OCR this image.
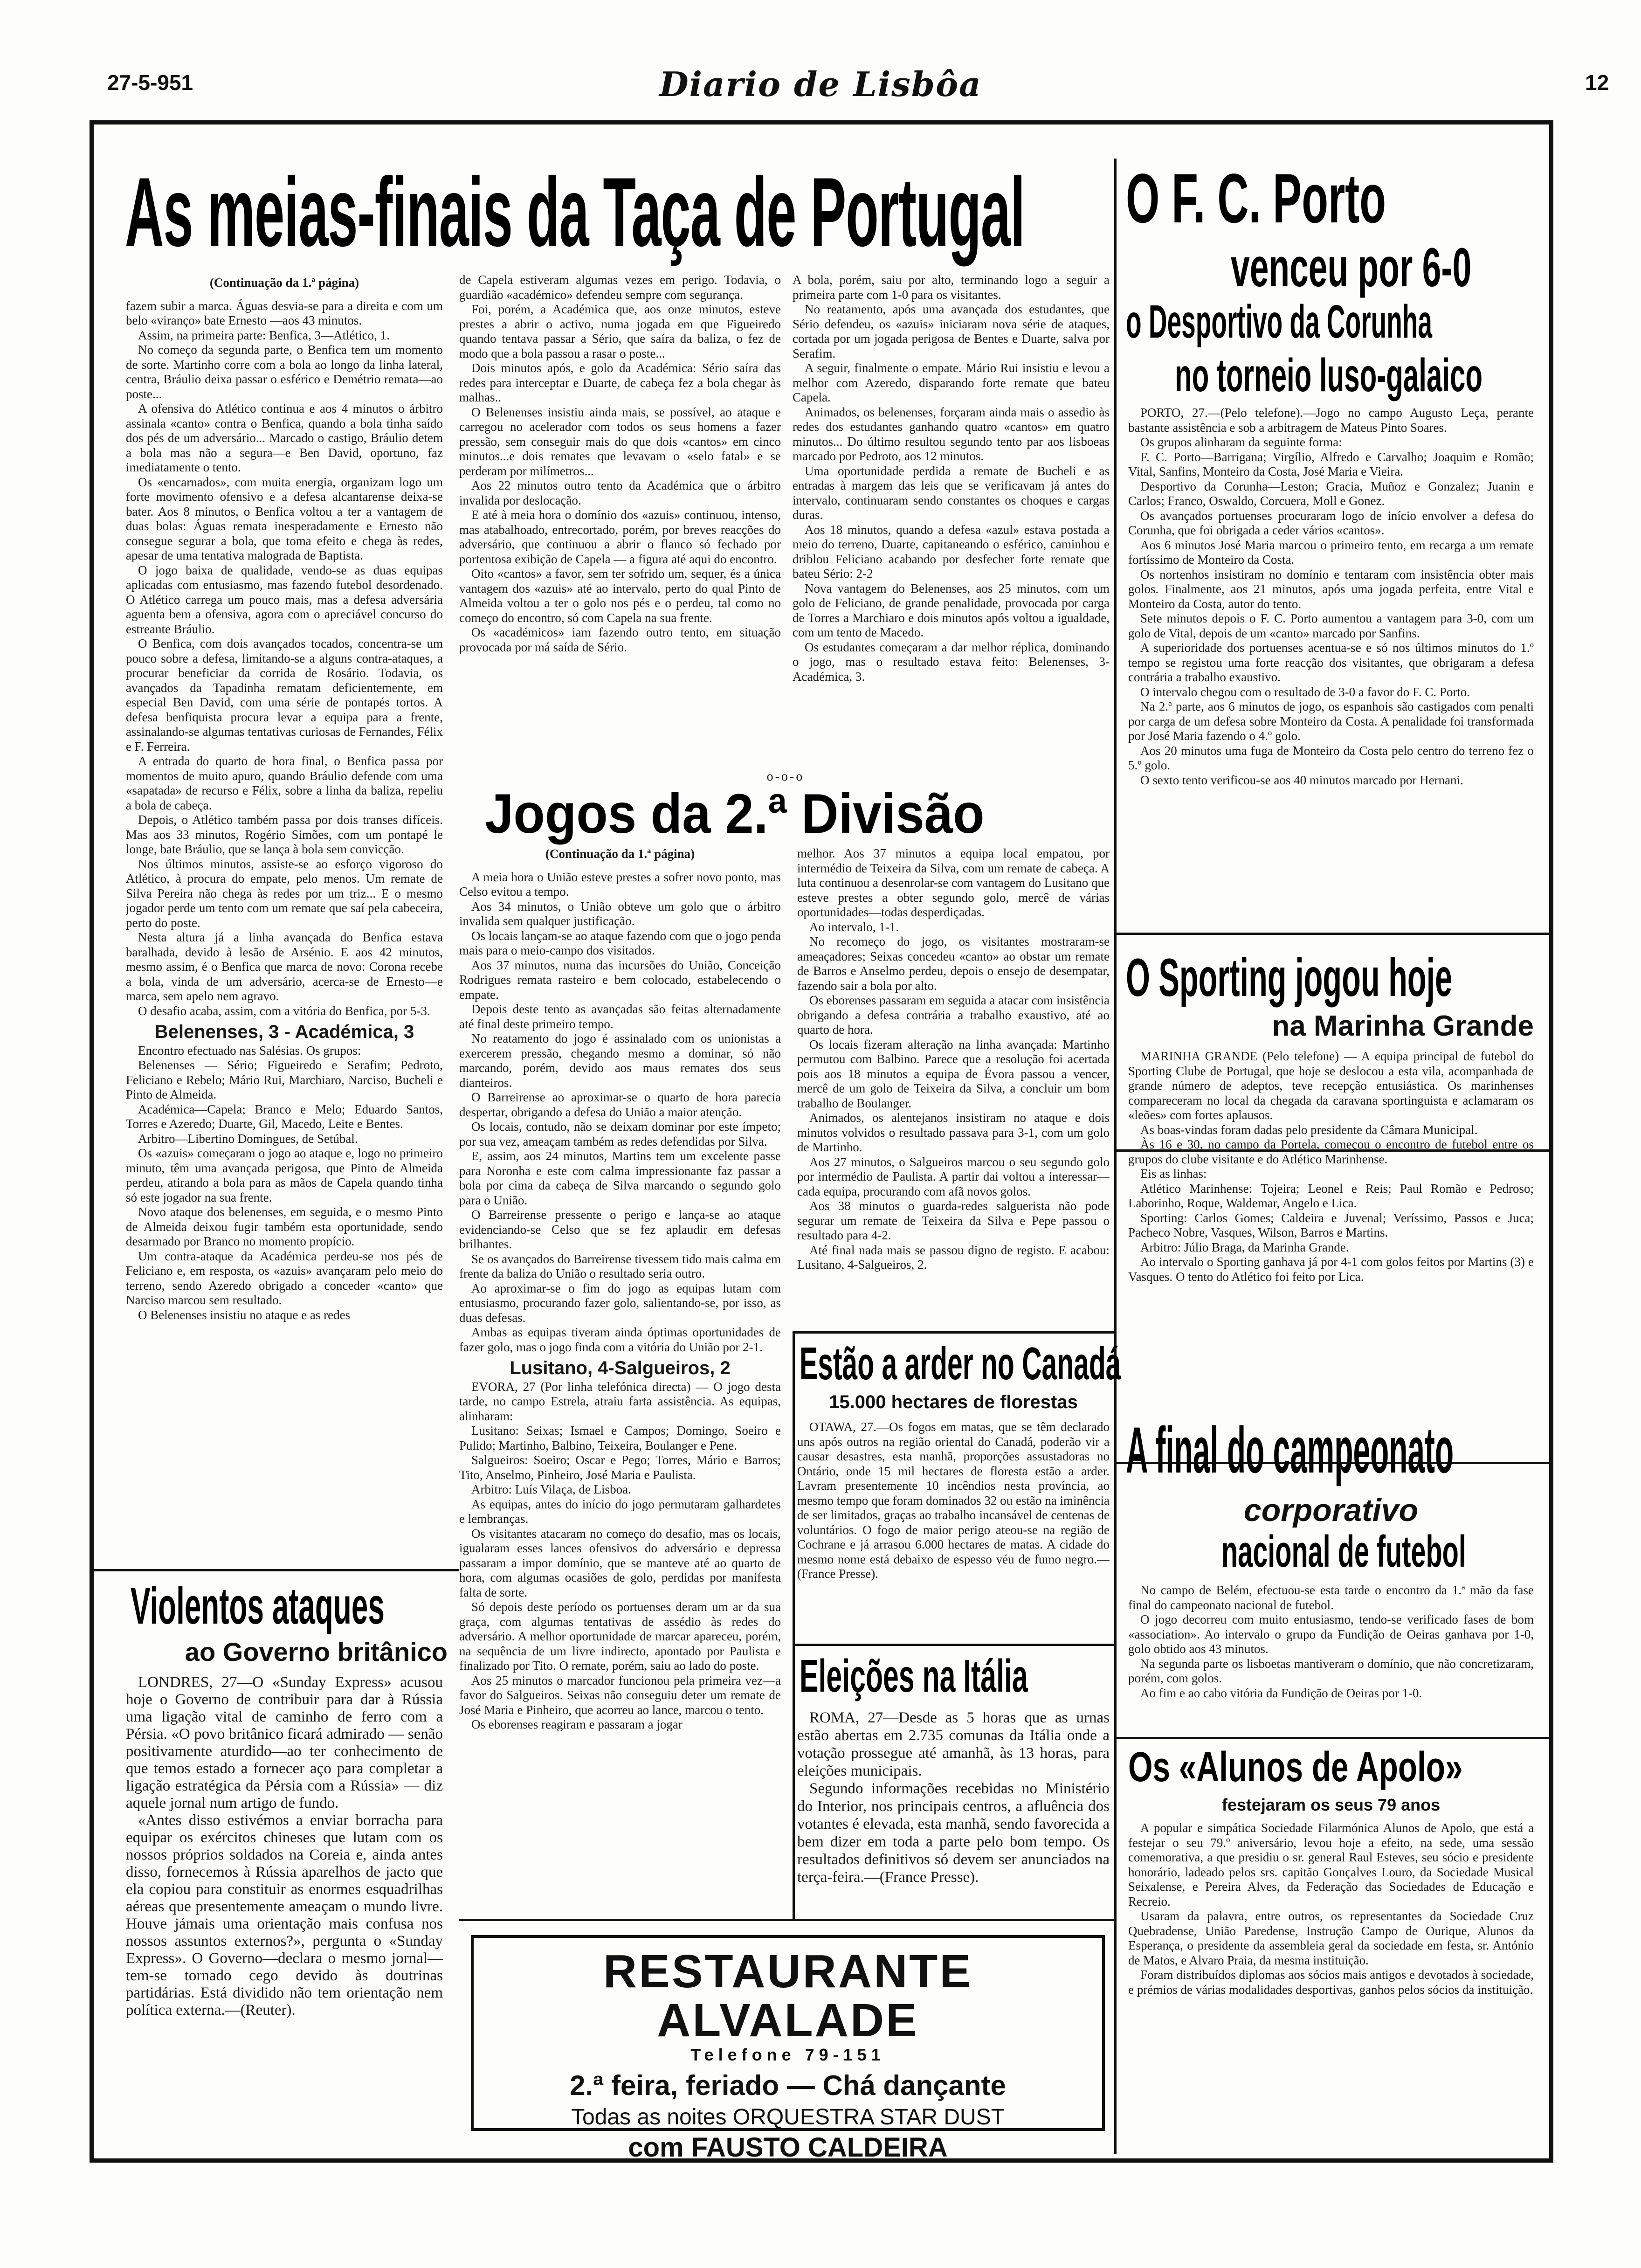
27-5-951	Diario de Lisbôa	12
As meias-finais da Taça de Portugal
(Continuação da 1.ª página)

fazem subir a marca. Águas desvia-se para a direita e com um belo «viranço» bate Ernesto —aos 43 minutos.

Assim, na primeira parte: Benfica, 3—Atlético, 1.

No começo da segunda parte, o Benfica tem um momento de sorte. Martinho corre com a bola ao longo da linha lateral, centra, Bráulio deixa passar o esférico e Demétrio remata—ao poste...

A ofensiva do Atlético continua e aos 4 minutos o árbitro assinala «canto» contra o Benfica, quando a bola tinha saído dos pés de um adversário... Marcado o castigo, Bráulio detem a bola mas não a segura—e Ben David, oportuno, faz imediatamente o tento.

Os «encarnados», com muita energia, organizam logo um forte movimento ofensivo e a defesa alcantarense deixa-se bater. Aos 8 minutos, o Benfica voltou a ter a vantagem de duas bolas: Águas remata inesperadamente e Ernesto não consegue segurar a bola, que toma efeito e chega às redes, apesar de uma tentativa malograda de Baptista.

O jogo baixa de qualidade, vendo-se as duas equipas aplicadas com entusiasmo, mas fazendo futebol desordenado. O Atlético carrega um pouco mais, mas a defesa adversária aguenta bem a ofensiva, agora com o apreciável concurso do estreante Bráulio.

O Benfica, com dois avançados tocados, concentra-se um pouco sobre a defesa, limitando-se a alguns contra-ataques, a procurar beneficiar da corrida de Rosário. Todavia, os avançados da Tapadinha rematam deficientemente, em especial Ben David, com uma série de pontapés tortos. A defesa benfiquista procura levar a equipa para a frente, assinalando-se algumas tentativas curiosas de Fernandes, Félix e F. Ferreira.

A entrada do quarto de hora final, o Benfica passa por momentos de muito apuro, quando Bráulio defende com uma «sapatada» de recurso e Félix, sobre a linha da baliza, repeliu a bola de cabeça.

Depois, o Atlético também passa por dois transes difíceis. Mas aos 33 minutos, Rogério Simões, com um pontapé le longe, bate Bráulio, que se lança à bola sem convicção.

Nos últimos minutos, assiste-se ao esforço vigoroso do Atlético, à procura do empate, pelo menos. Um remate de Silva Pereira não chega às redes por um triz... E o mesmo jogador perde um tento com um remate que saí pela cabeceira, perto do poste.

Nesta altura já a linha avançada do Benfica estava baralhada, devido à lesão de Arsénio. E aos 42 minutos, mesmo assim, é o Benfica que marca de novo: Corona recebe a bola, vinda de um adversário, acerca-se de Ernesto—e marca, sem apelo nem agravo.

O desafio acaba, assim, com a vitória do Benfica, por 5-3.

Belenenses, 3 - Académica, 3

Encontro efectuado nas Salésias. Os grupos:

Belenenses — Sério; Figueiredo e Serafim; Pedroto, Feliciano e Rebelo; Mário Rui, Marchiaro, Narciso, Bucheli e Pinto de Almeida.

Académica—Capela; Branco e Melo; Eduardo Santos, Torres e Azeredo; Duarte, Gil, Macedo, Leite e Bentes.

Arbitro—Libertino Domingues, de Setúbal.

Os «azuis» começaram o jogo ao ataque e, logo no primeiro minuto, têm uma avançada perigosa, que Pinto de Almeida perdeu, atirando a bola para as mãos de Capela quando tinha só este jogador na sua frente.

Novo ataque dos belenenses, em seguida, e o mesmo Pinto de Almeida deixou fugir também esta oportunidade, sendo desarmado por Branco no momento propício.

Um contra-ataque da Académica perdeu-se nos pés de Feliciano e, em resposta, os «azuis» avançaram pelo meio do terreno, sendo Azeredo obrigado a conceder «canto» que Narciso marcou sem resultado.

O Belenenses insistiu no ataque e as redes

de Capela estiveram algumas vezes em perigo. Todavia, o guardião «académico» defendeu sempre com segurança.

Foi, porém, a Académica que, aos onze minutos, esteve prestes a abrir o activo, numa jogada em que Figueiredo quando tentava passar a Sério, que saíra da baliza, o fez de modo que a bola passou a rasar o poste...

Dois minutos após, e golo da Académica: Sério saíra das redes para interceptar e Duarte, de cabeça fez a bola chegar às malhas..

O Belenenses insistiu ainda mais, se possível, ao ataque e carregou no acelerador com todos os seus homens a fazer pressão, sem conseguir mais do que dois «cantos» em cinco minutos...e dois remates que levavam o «selo fatal» e se perderam por milímetros...

Aos 22 minutos outro tento da Académica que o árbitro invalida por deslocação.

E até à meia hora o domínio dos «azuis» continuou, intenso, mas atabalhoado, entrecortado, porém, por breves reacções do adversário, que continuou a abrir o flanco só fechado por portentosa exibição de Capela — a figura até aqui do encontro.

Oito «cantos» a favor, sem ter sofrido um, sequer, és a única vantagem dos «azuis» até ao intervalo, perto do qual Pinto de Almeida voltou a ter o golo nos pés e o perdeu, tal como no começo do encontro, só com Capela na sua frente.

Os «académicos» iam fazendo outro tento, em situação provocada por má saída de Sério.

A bola, porém, saiu por alto, terminando logo a seguir a primeira parte com 1-0 para os visitantes.

No reatamento, após uma avançada dos estudantes, que Sério defendeu, os «azuis» iniciaram nova série de ataques, cortada por um jogada perigosa de Bentes e Duarte, salva por Serafim.

A seguir, finalmente o empate. Mário Rui insistiu e levou a melhor com Azeredo, disparando forte remate que bateu Capela.

Animados, os belenenses, forçaram ainda mais o assedio às redes dos estudantes ganhando quatro «cantos» em quatro minutos... Do último resultou segundo tento par aos lisboeas marcado por Pedroto, aos 12 minutos.

Uma oportunidade perdida a remate de Bucheli e as entradas à margem das leis que se verificavam já antes do intervalo, continuaram sendo constantes os choques e cargas duras.

Aos 18 minutos, quando a defesa «azul» estava postada a meio do terreno, Duarte, capitaneando o esférico, caminhou e driblou Feliciano acabando por desfecher forte remate que bateu Sério: 2-2

Nova vantagem do Belenenses, aos 25 minutos, com um golo de Feliciano, de grande penalidade, provocada por carga de Torres a Marchiaro e dois minutos após voltou a igualdade, com um tento de Macedo.

Os estudantes começaram a dar melhor réplica, dominando o jogo, mas o resultado estava feito: Belenenses, 3-Académica, 3.

o-o-o
Jogos da 2.ª Divisão
(Continuação da 1.ª página)

A meia hora o União esteve prestes a sofrer novo ponto, mas Celso evitou a tempo.

Aos 34 minutos, o União obteve um golo que o árbitro invalida sem qualquer justificação.

Os locais lançam-se ao ataque fazendo com que o jogo penda mais para o meio-campo dos visitados.

Aos 37 minutos, numa das incursões do União, Conceição Rodrigues remata rasteiro e bem colocado, estabelecendo o empate.

Depois deste tento as avançadas são feitas alternadamente até final deste primeiro tempo.

No reatamento do jogo é assinalado com os unionistas a exercerem pressão, chegando mesmo a dominar, só não marcando, porém, devido aos maus remates dos seus dianteiros.

O Barreirense ao aproximar-se o quarto de hora parecia despertar, obrigando a defesa do União a maior atenção.

Os locais, contudo, não se deixam dominar por este ímpeto; por sua vez, ameaçam também as redes defendidas por Silva.

E, assim, aos 24 minutos, Martins tem um excelente passe para Noronha e este com calma impressionante faz passar a bola por cima da cabeça de Silva marcando o segundo golo para o União.

O Barreirense pressente o perigo e lança-se ao ataque evidenciando-se Celso que se fez aplaudir em defesas brilhantes.

Se os avançados do Barreirense tivessem tido mais calma em frente da baliza do União o resultado seria outro.

Ao aproximar-se o fim do jogo as equipas lutam com entusiasmo, procurando fazer golo, salientando-se, por isso, as duas defesas.

Ambas as equipas tiveram ainda óptimas oportunidades de fazer golo, mas o jogo finda com a vitória do União por 2-1.

Lusitano, 4-Salgueiros, 2

EVORA, 27 (Por linha telefónica directa) — O jogo desta tarde, no campo Estrela, atraiu farta assistência. As equipas, alinharam:

Lusitano: Seixas; Ismael e Campos; Domingo, Soeiro e Pulido; Martinho, Balbino, Teixeira, Boulanger e Pene.

Salgueiros: Soeiro; Oscar e Pego; Torres, Mário e Barros; Tito, Anselmo, Pinheiro, José Maria e Paulista.

Arbitro: Luís Vilaça, de Lisboa.

As equipas, antes do início do jogo permutaram galhardetes e lembranças.

Os visitantes atacaram no começo do desafio, mas os locais, igualaram esses lances ofensivos do adversário e depressa passaram a impor domínio, que se manteve até ao quarto de hora, com algumas ocasiões de golo, perdidas por manifesta falta de sorte.

Só depois deste período os portuenses deram um ar da sua graça, com algumas tentativas de assédio às redes do adversário. A melhor oportunidade de marcar apareceu, porém, na sequência de um livre indirecto, apontado por Paulista e finalizado por Tito. O remate, porém, saiu ao lado do poste.

Aos 25 minutos o marcador funcionou pela primeira vez—a favor do Salgueiros. Seixas não conseguiu deter um remate de José Maria e Pinheiro, que acorreu ao lance, marcou o tento.

Os eborenses reagiram e passaram a jogar

melhor. Aos 37 minutos a equipa local empatou, por intermédio de Teixeira da Silva, com um remate de cabeça. A luta continuou a desenrolar-se com vantagem do Lusitano que esteve prestes a obter segundo golo, mercê de várias oportunidades—todas desperdiçadas.

Ao intervalo, 1-1.

No recomeço do jogo, os visitantes mostraram-se ameaçadores; Seixas concedeu «canto» ao obstar um remate de Barros e Anselmo perdeu, depois o ensejo de desempatar, fazendo sair a bola por alto.

Os eborenses passaram em seguida a atacar com insistência obrigando a defesa contrária a trabalho exaustivo, até ao quarto de hora.

Os locais fizeram alteração na linha avançada: Martinho permutou com Balbino. Parece que a resolução foi acertada pois aos 18 minutos a equipa de Évora passou a vencer, mercê de um golo de Teixeira da Silva, a concluir um bom trabalho de Boulanger.

Animados, os alentejanos insistiram no ataque e dois minutos volvidos o resultado passava para 3-1, com um golo de Martinho.

Aos 27 minutos, o Salgueiros marcou o seu segundo golo por intermédio de Paulista. A partir dai voltou a interessar—cada equipa, procurando com afã novos golos.

Aos 38 minutos o guarda-redes salguerista não pode segurar um remate de Teixeira da Silva e Pepe passou o resultado para 4-2.

Até final nada mais se passou digno de registo. E acabou: Lusitano, 4-Salgueiros, 2.

Estão a arder no Canadá
15.000 hectares de florestas

OTAWA, 27.—Os fogos em matas, que se têm declarado uns após outros na região oriental do Canadá, poderão vir a causar desastres, esta manhã, proporções assustadoras no Ontário, onde 15 mil hectares de floresta estão a arder. Lavram presentemente 10 incêndios nesta província, ao mesmo tempo que foram dominados 32 ou estão na iminência de ser limitados, graças ao trabalho incansável de centenas de voluntários. O fogo de maior perigo ateou-se na região de Cochrane e já arrasou 6.000 hectares de matas. A cidade do mesmo nome está debaixo de espesso véu de fumo negro.—(France Presse).

Eleições na Itália

ROMA, 27—Desde as 5 horas que as urnas estão abertas em 2.735 comunas da Itália onde a votação prossegue até amanhã, às 13 horas, para eleições municipais.

Segundo informações recebidas no Ministério do Interior, nos principais centros, a afluência dos votantes é elevada, esta manhã, sendo favorecida a bem dizer em toda a parte pelo bom tempo. Os resultados definitivos só devem ser anunciados na terça-feira.—(France Presse).

Violentos ataques
ao Governo britânico

LONDRES, 27—O «Sunday Express» acusou hoje o Governo de contribuir para dar à Rússia uma ligação vital de caminho de ferro com a Pérsia. «O povo britânico ficará admirado — senão positivamente aturdido—ao ter conhecimento de que temos estado a fornecer aço para completar a ligação estratégica da Pérsia com a Rússia» — diz aquele jornal num artigo de fundo.

«Antes disso estivémos a enviar borracha para equipar os exércitos chineses que lutam com os nossos próprios soldados na Coreia e, ainda antes disso, fornecemos à Rússia aparelhos de jacto que ela copiou para constituir as enormes esquadrilhas aéreas que presentemente ameaçam o mundo livre. Houve jámais uma orientação mais confusa nos nossos assuntos externos?», pergunta o «Sunday Express». O Governo—declara o mesmo jornal—tem-se tornado cego devido às doutrinas partidárias. Está dividido não tem orientação nem política externa.—(Reuter).

RESTAURANTE ALVALADE
Telefone 79-151
2.ª feira, feriado — Chá dançante
Todas as noites ORQUESTRA STAR DUST
com FAUSTO CALDEIRA
O F. C. Porto
venceu por 6-0
o Desportivo da Corunha
no torneio luso-galaico

PORTO, 27.—(Pelo telefone).—Jogo no campo Augusto Leça, perante bastante assistência e sob a arbitragem de Mateus Pinto Soares.

Os grupos alinharam da seguinte forma:

F. C. Porto—Barrigana; Virgílio, Alfredo e Carvalho; Joaquim e Romão; Vital, Sanfins, Monteiro da Costa, José Maria e Vieira.

Desportivo da Corunha—Leston; Gracia, Muñoz e Gonzalez; Juanin e Carlos; Franco, Oswaldo, Corcuera, Moll e Gonez.

Os avançados portuenses procuraram logo de início envolver a defesa do Corunha, que foi obrigada a ceder vários «cantos».

Aos 6 minutos José Maria marcou o primeiro tento, em recarga a um remate fortíssimo de Monteiro da Costa.

Os nortenhos insistiram no domínio e tentaram com insistência obter mais golos. Finalmente, aos 21 minutos, após uma jogada perfeita, entre Vital e Monteiro da Costa, autor do tento.

Sete minutos depois o F. C. Porto aumentou a vantagem para 3-0, com um golo de Vital, depois de um «canto» marcado por Sanfins.

A superioridade dos portuenses acentua-se e só nos últimos minutos do 1.º tempo se registou uma forte reacção dos visitantes, que obrigaram a defesa contrária a trabalho exaustivo.

O intervalo chegou com o resultado de 3-0 a favor do F. C. Porto.

Na 2.ª parte, aos 6 minutos de jogo, os espanhois são castigados com penalti por carga de um defesa sobre Monteiro da Costa. A penalidade foi transformada por José Maria fazendo o 4.º golo.

Aos 20 minutos uma fuga de Monteiro da Costa pelo centro do terreno fez o 5.º golo.

O sexto tento verificou-se aos 40 minutos marcado por Hernani.

O Sporting jogou hoje
na Marinha Grande

MARINHA GRANDE (Pelo telefone) — A equipa principal de futebol do Sporting Clube de Portugal, que hoje se deslocou a esta vila, acompanhada de grande número de adeptos, teve recepção entusiástica. Os marinhenses compareceram no local da chegada da caravana sportinguista e aclamaram os «leões» com fortes aplausos.

As boas-vindas foram dadas pelo presidente da Câmara Municipal.

Às 16 e 30, no campo da Portela, começou o encontro de futebol entre os grupos do clube visitante e do Atlético Marinhense.

Eis as linhas:

Atlético Marinhense: Tojeira; Leonel e Reis; Paul Romão e Pedroso; Laborinho, Roque, Waldemar, Angelo e Lica.

Sporting: Carlos Gomes; Caldeira e Juvenal; Veríssimo, Passos e Juca; Pacheco Nobre, Vasques, Wilson, Barros e Martins.

Arbitro: Júlio Braga, da Marinha Grande.

Ao intervalo o Sporting ganhava já por 4-1 com golos feitos por Martins (3) e Vasques. O tento do Atlético foi feito por Lica.

A final do campeonato
corporativo
nacional de futebol

No campo de Belém, efectuou-se esta tarde o encontro da 1.ª mão da fase final do campeonato nacional de futebol.

O jogo decorreu com muito entusiasmo, tendo-se verificado fases de bom «association». Ao intervalo o grupo da Fundição de Oeiras ganhava por 1-0, golo obtido aos 43 minutos.

Na segunda parte os lisboetas mantiveram o domínio, que não concretizaram, porém, com golos.

Ao fim e ao cabo vitória da Fundição de Oeiras por 1-0.

Os «Alunos de Apolo»
festejaram os seus 79 anos

A popular e simpática Sociedade Filarmónica Alunos de Apolo, que está a festejar o seu 79.º aniversário, levou hoje a efeito, na sede, uma sessão comemorativa, a que presidiu o sr. general Raul Esteves, seu sócio e presidente honorário, ladeado pelos srs. capitão Gonçalves Louro, da Sociedade Musical Seixalense, e Pereira Alves, da Federação das Sociedades de Educação e Recreio.

Usaram da palavra, entre outros, os representantes da Sociedade Cruz Quebradense, União Paredense, Instrução Campo de Ourique, Alunos da Esperança, o presidente da assembleia geral da sociedade em festa, sr. António de Matos, e Alvaro Praia, da mesma instituição.

Foram distribuídos diplomas aos sócios mais antigos e devotados à sociedade, e prémios de várias modalidades desportivas, ganhos pelos sócios da instituição.
